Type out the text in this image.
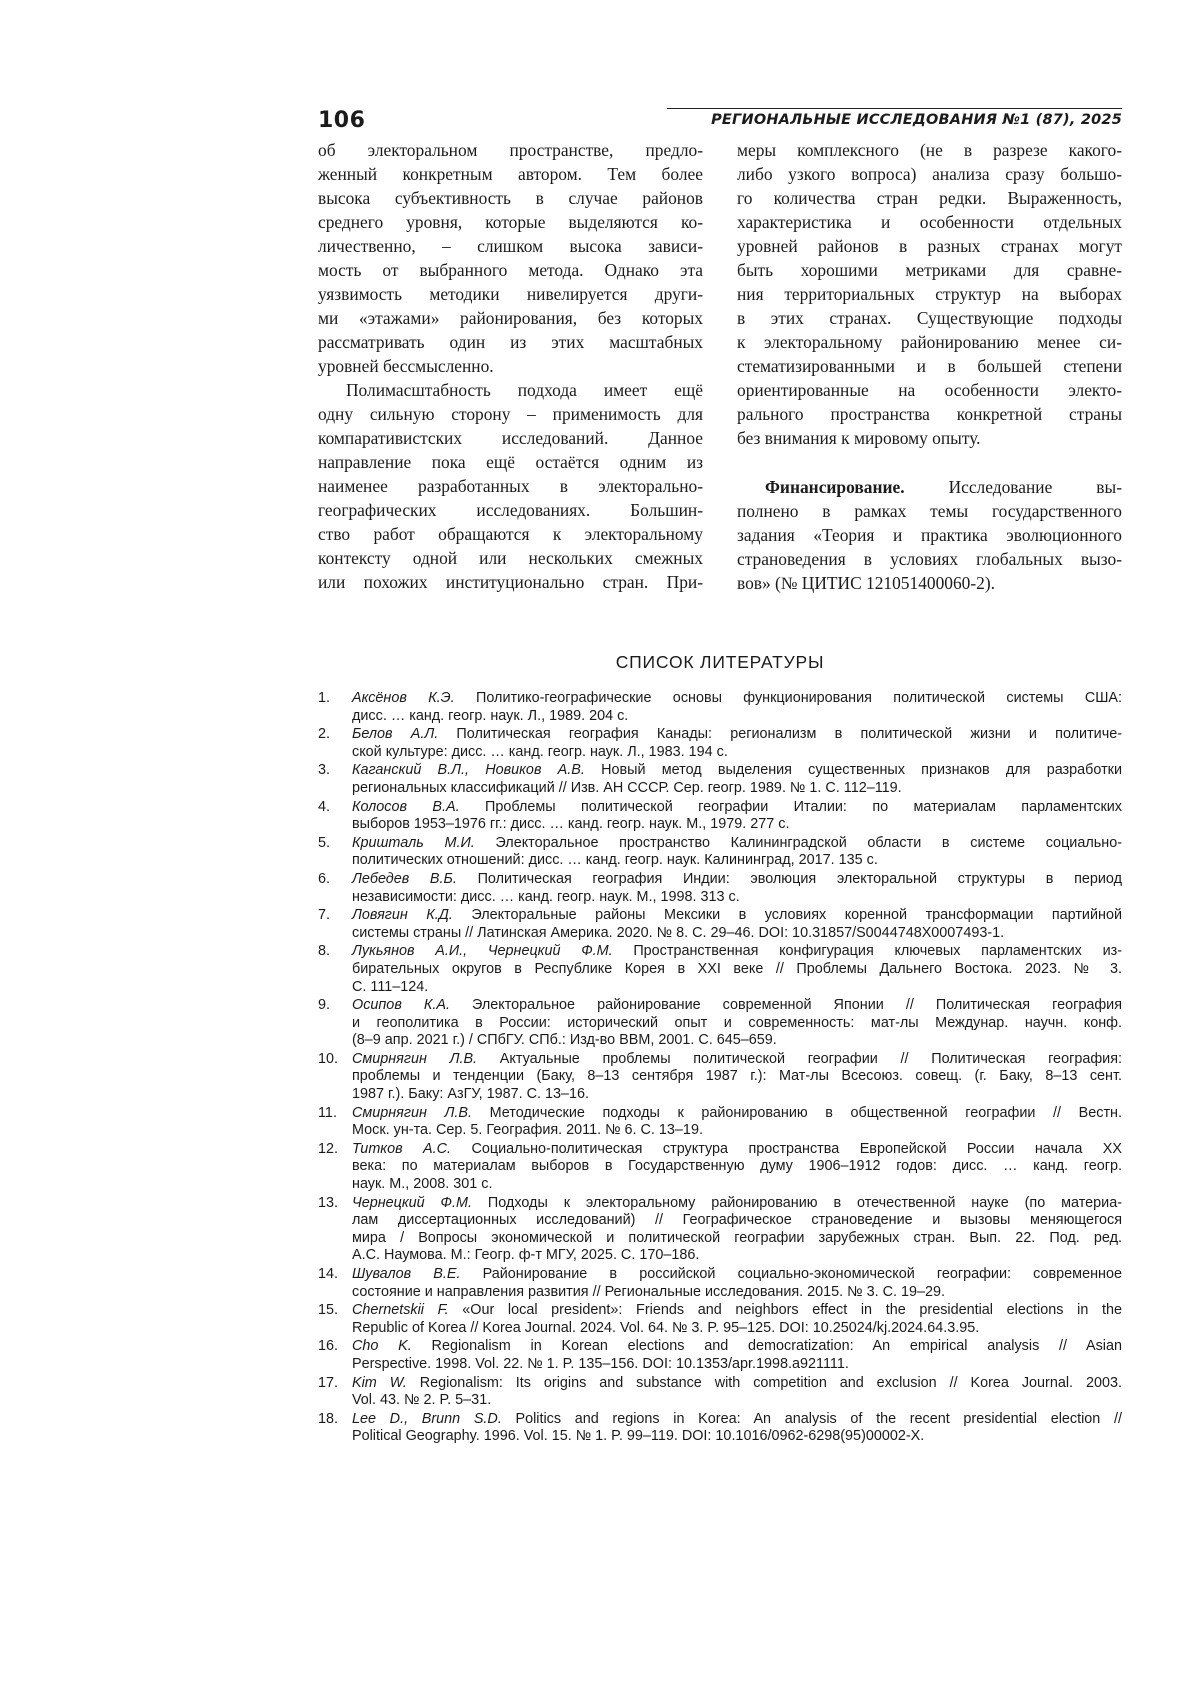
106	РЕГИОНАЛЬНЫЕ ИССЛЕДОВАНИЯ №1 (87), 2025
об электоральном пространстве, предло-
женный конкретным автором. Тем более
высока субъективность в случае районов
среднего уровня, которые выделяются ко-
личественно, – слишком высока зависи-
мость от выбранного метода. Однако эта
уязвимость методики нивелируется други-
ми «этажами» районирования, без которых
рассматривать один из этих масштабных
уровней бессмысленно.
Полимасштабность подхода имеет ещё
одну сильную сторону – применимость для
компаративистских исследований. Данное
направление пока ещё остаётся одним из
наименее разработанных в электорально-
географических исследованиях. Большин-
ство работ обращаются к электоральному
контексту одной или нескольких смежных
или похожих институционально стран. При-
меры комплексного (не в разрезе какого-
либо узкого вопроса) анализа сразу большо-
го количества стран редки. Выраженность,
характеристика и особенности отдельных
уровней районов в разных странах могут
быть хорошими метриками для сравне-
ния территориальных структур на выборах
в этих странах. Существующие подходы
к электоральному районированию менее си-
стематизированными и в большей степени
ориентированные на особенности электо-
рального пространства конкретной страны
без внимания к мировому опыту.
Финансирование.	Исследование вы-
полнено в рамках темы государственного
задания «Теория и практика эволюционного
страноведения в условиях глобальных вызо-
вов» (№ ЦИТИС 121051400060-2).
СПИСОК ЛИТЕРАТУРЫ
1. Аксёнов К.Э. Политико-географические основы функционирования политической системы США:
дисс. … канд. геогр. наук. Л., 1989. 204 с.
2. Белов А.Л. Политическая география Канады: регионализм в политической жизни и политиче-
ской культуре: дисс. … канд. геогр. наук. Л., 1983. 194 с.
3. Каганский В.Л., Новиков А.В. Новый метод выделения существенных признаков для разработки
региональных классификаций // Изв. АН СССР. Сер. геогр. 1989. № 1. С. 112–119.
4. Колосов В.А. Проблемы политической географии Италии: по материалам парламентских
выборов 1953–1976 гг.: дисс. … канд. геогр. наук. М., 1979. 277 с.
5. Кришталь М.И. Электоральное пространство Калининградской области в системе социально-
политических отношений: дисс. … канд. геогр. наук. Калининград, 2017. 135 с.
6. Лебедев В.Б. Политическая география Индии: эволюция электоральной структуры в период
независимости: дисс. … канд. геогр. наук. М., 1998. 313 с.
7. Ловягин К.Д. Электоральные районы Мексики в условиях коренной трансформации партийной
системы страны // Латинская Америка. 2020. № 8. С. 29–46. DOI: 10.31857/S0044748X0007493-1.
8. Лукьянов А.И., Чернецкий Ф.М. Пространственная конфигурация ключевых парламентских из-
бирательных округов в Республике Корея в XXI веке // Проблемы Дальнего Востока. 2023. № 3.
С. 111–124.
9. Осипов К.А. Электоральное районирование современной Японии // Политическая география
и геополитика в России: исторический опыт и современность: мат-лы Междунар. научн. конф.
(8–9 апр. 2021 г.) / СПбГУ. СПб.: Изд-во ВВМ, 2001. С. 645–659.
10. Смирнягин Л.В. Актуальные проблемы политической географии // Политическая география:
проблемы и тенденции (Баку, 8–13 сентября 1987 г.): Мат-лы Всесоюз. совещ. (г. Баку, 8–13 сент.
1987 г.). Баку: АзГУ, 1987. С. 13–16.
11. Смирнягин Л.В. Методические подходы к районированию в общественной географии // Вестн.
Моск. ун-та. Сер. 5. География. 2011. № 6. С. 13–19.
12. Титков А.С. Социально-политическая структура пространства Европейской России начала XX
века: по материалам выборов в Государственную думу 1906–1912 годов: дисс. … канд. геогр.
наук. М., 2008. 301 с.
13. Чернецкий Ф.М. Подходы к электоральному районированию в отечественной науке (по материа-
лам диссертационных исследований) // Географическое страноведение и вызовы меняющегося
мира / Вопросы экономической и политической географии зарубежных стран. Вып. 22. Под. ред.
А.С. Наумова. М.: Геогр. ф-т МГУ, 2025. С. 170–186.
14. Шувалов В.Е. Районирование в российской социально-экономической географии: современное
состояние и направления развития // Региональные исследования. 2015. № 3. С. 19–29.
15. Chernetskii F. «Our local president»: Friends and neighbors effect in the presidential elections in the
Republic of Korea // Korea Journal. 2024. Vol. 64. № 3. P. 95–125. DOI: 10.25024/kj.2024.64.3.95.
16. Cho K. Regionalism in Korean elections and democratization: An empirical analysis // Asian
Perspective. 1998. Vol. 22. № 1. P. 135–156. DOI: 10.1353/apr.1998.a921111.
17. Kim W. Regionalism: Its origins and substance with competition and exclusion // Korea Journal. 2003.
Vol. 43. № 2. P. 5–31.
18. Lee D., Brunn S.D. Politics and regions in Korea: An analysis of the recent presidential election //
Political Geography. 1996. Vol. 15. № 1. P. 99–119. DOI: 10.1016/0962-6298(95)00002-X.
